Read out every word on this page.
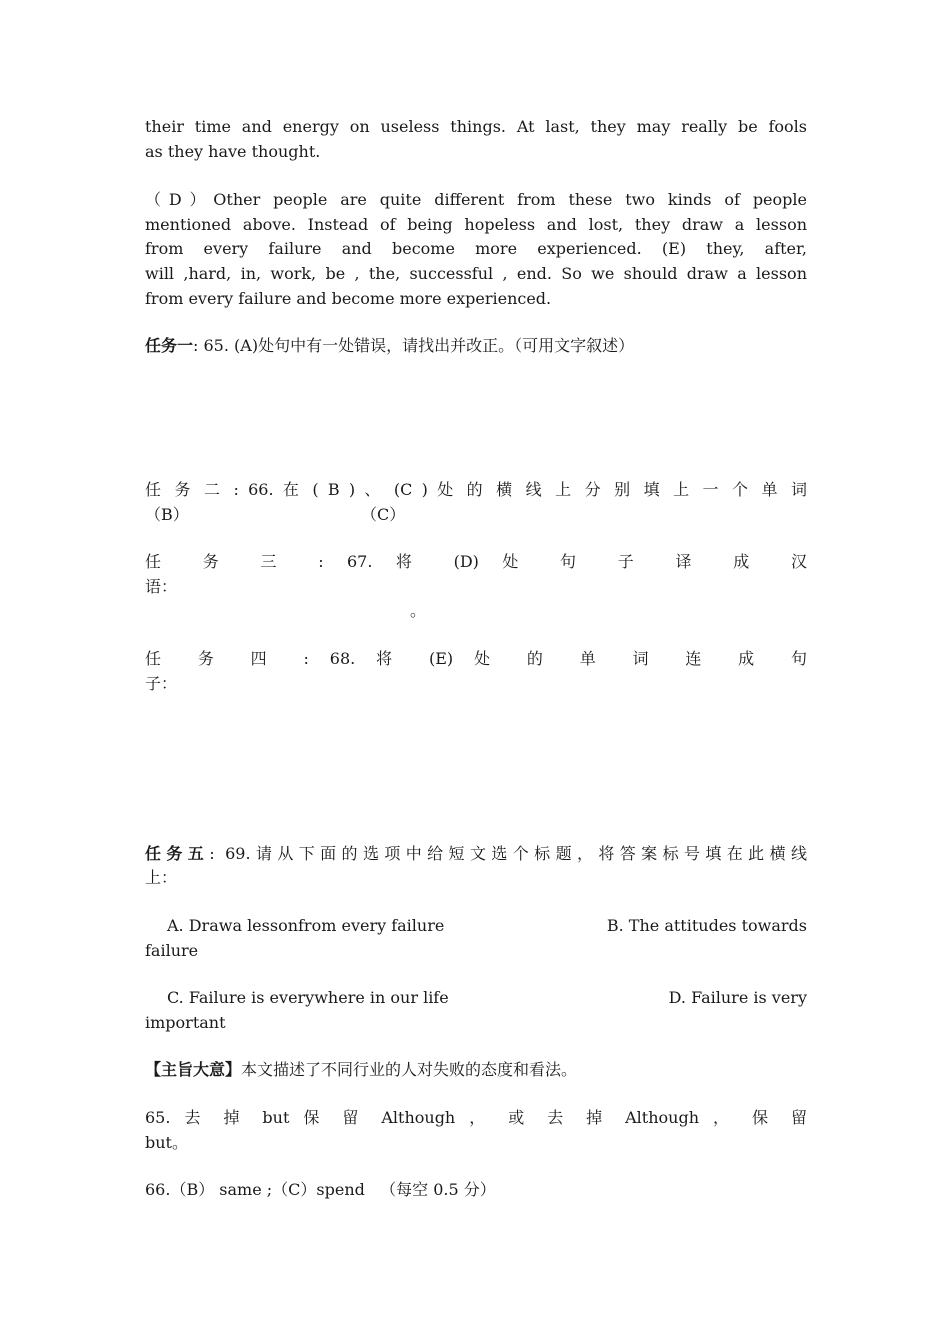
their time and energy on useless things. At last, they may really be fools

as they have thought.

（D）Other people are quite different from these two kinds of people

mentioned above. Instead of being hopeless and lost, they draw a lesson

from every failure and become more experienced. (E) they, after,

will ,hard, in, work, be , the, successful , end. So we should draw a lesson

from every failure and become more experienced.

任务一: 65. (A)处句中有一处错误，请找出并改正。（可用文字叙述）

任 务 二 : 66. 在 ( B ) 、 (C ) 处 的 横 线 上 分 别 填 上 一 个 单 词

（B）	（C）

任 务 三 : 67. 将 (D) 处 句 子 译 成 汉

语：

。

任 务 四 : 68. 将 (E) 处 的 单 词 连 成 句

子：

任务五: 69.请从下面的选项中给短文选个标题，将答案标号填在此横线

上：

A. Drawa lessonfrom every failure	B. The attitudes towards
failure
C. Failure is everywhere in our life	D. Failure is very
important

【主旨大意】本文描述了不同行业的人对失败的态度和看法。

65. 去 掉 but 保 留 Although ， 或 去 掉 Although ， 保 留

but。

66.（B） same ;（C）spend   （每空 0.5 分）
